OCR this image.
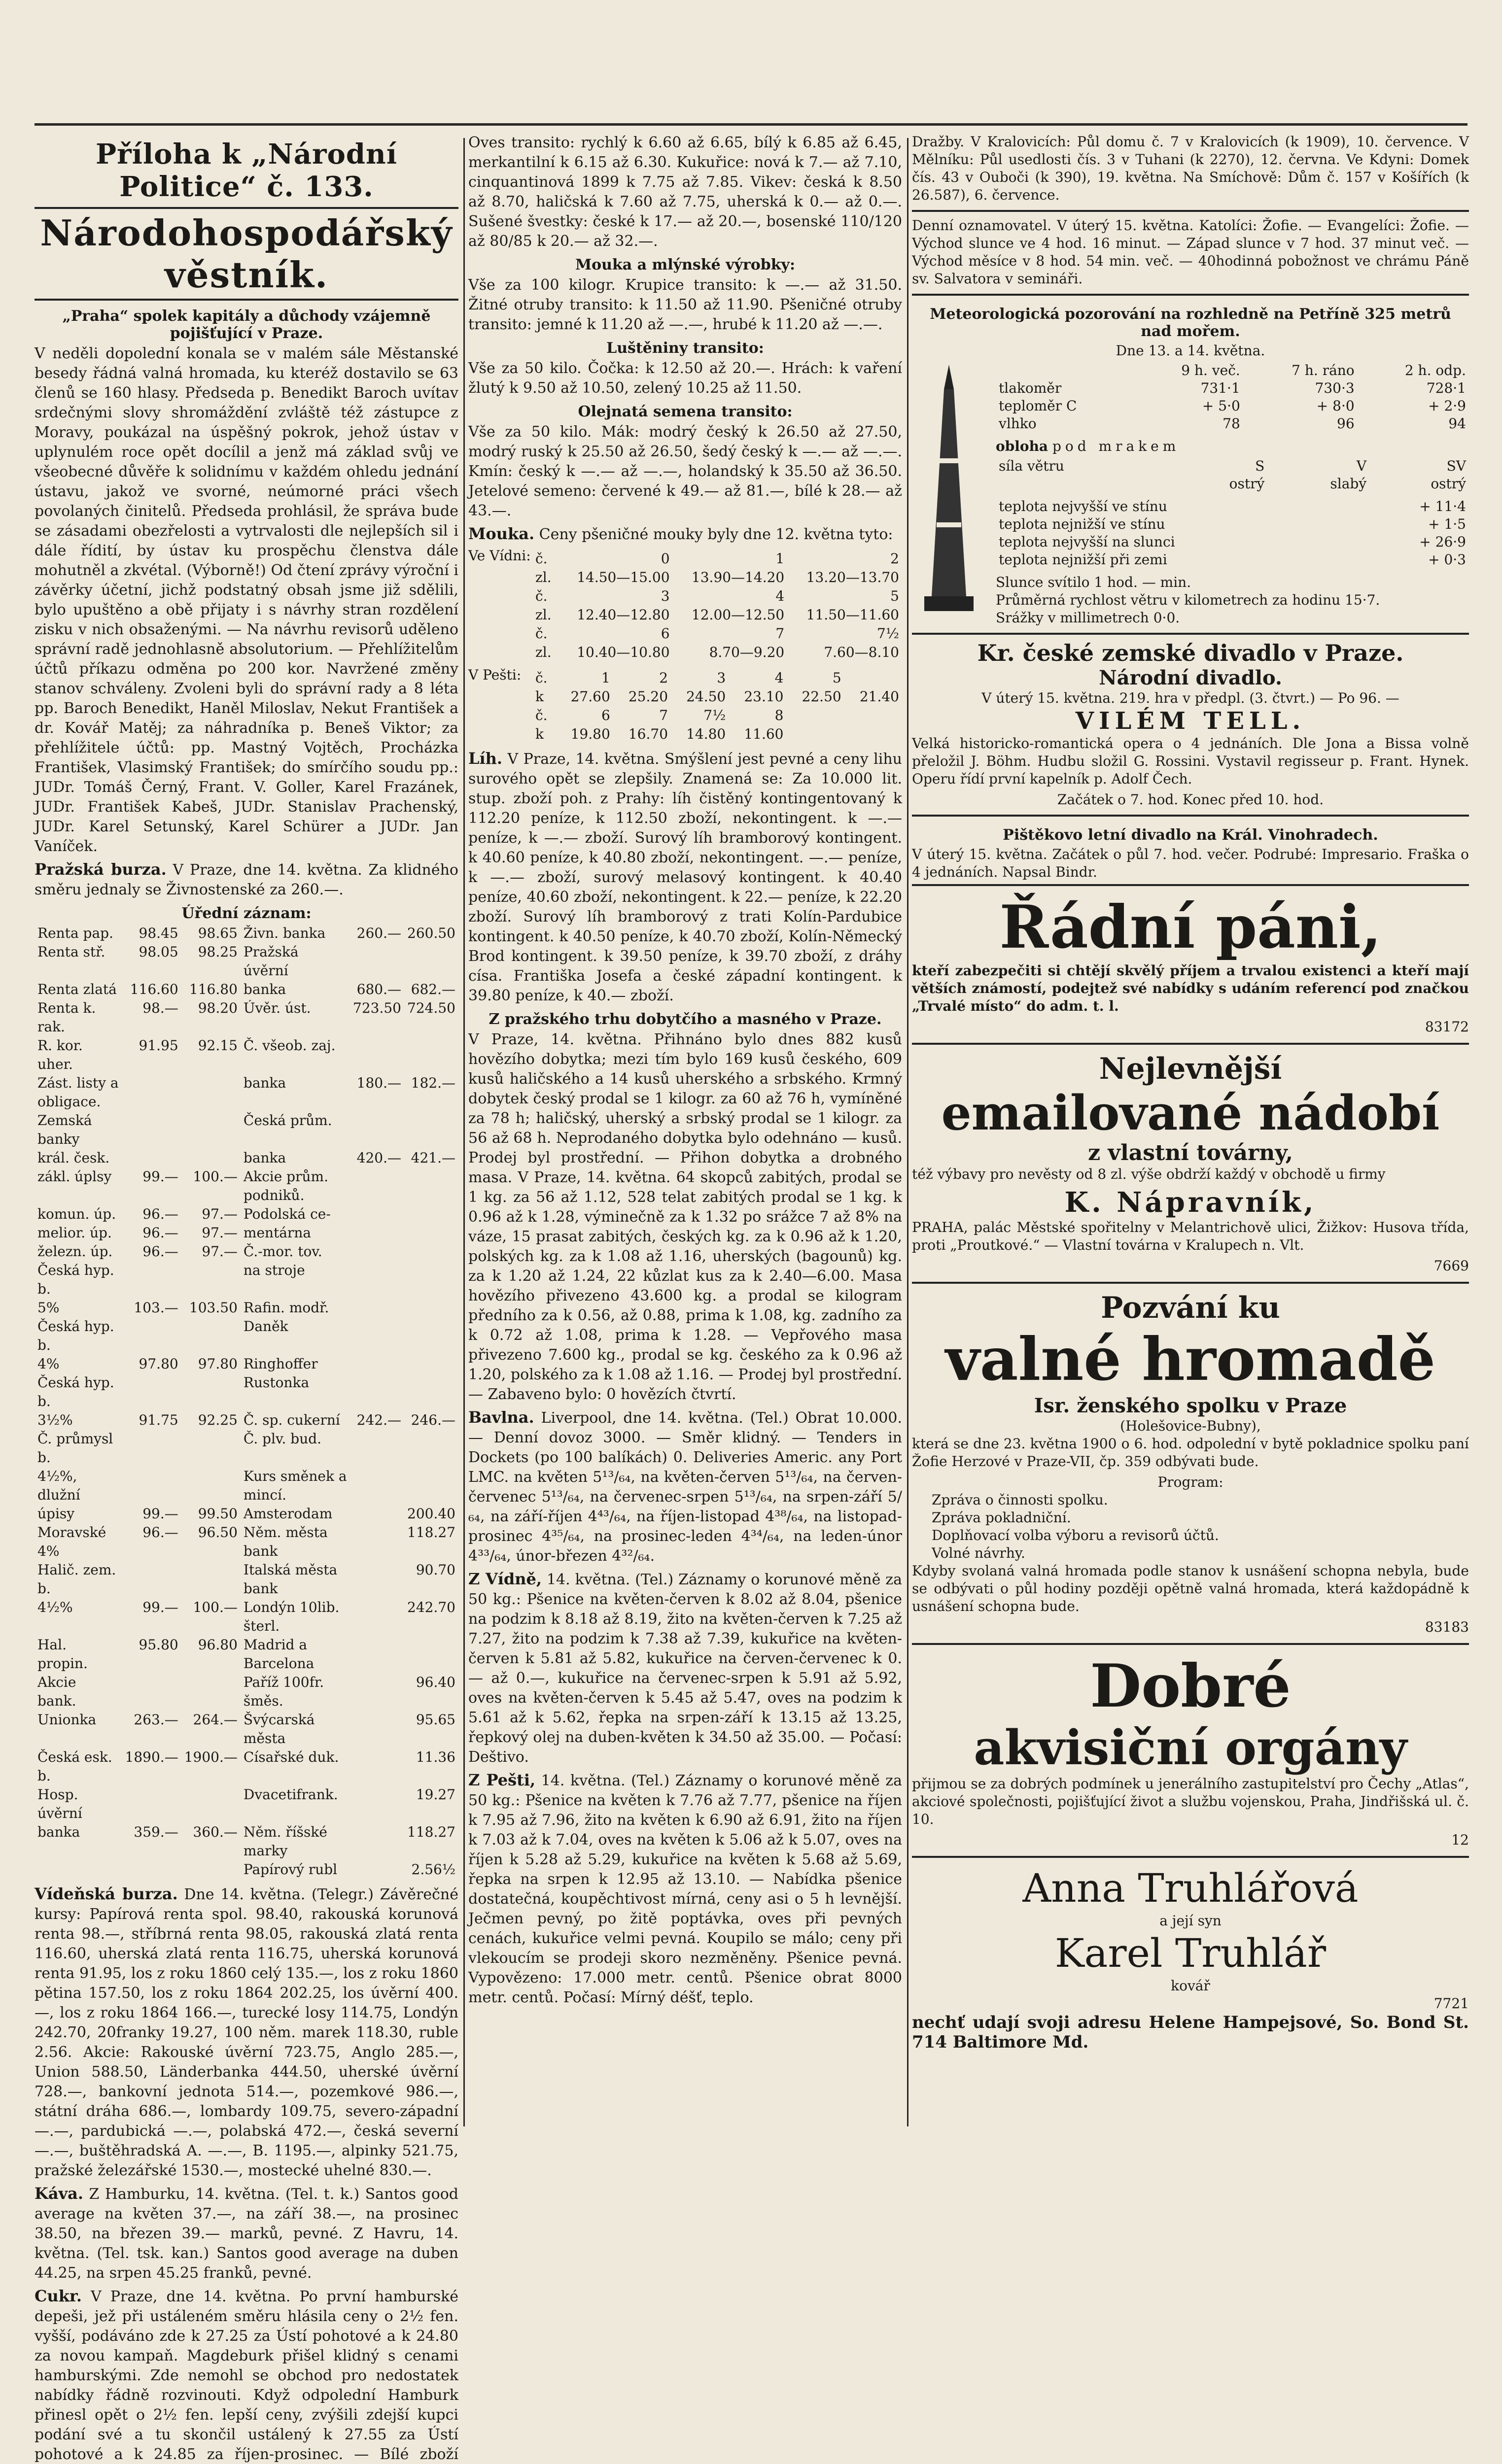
Příloha k „Národní Politice“ č. 133.
Národohospodářský věstník.
„Praha“ spolek kapitály a důchody vzájemně pojišťující v Praze.

V neděli dopolední konala se v malém sále Městanské besedy řádná valná hromada, ku kteréž dostavilo se 63 členů se 160 hlasy. Předseda p. Benedikt Baroch uvítav srdečnými slovy shromáždění zvláště též zástupce z Moravy, poukázal na úspěšný pokrok, jehož ústav v uplynulém roce opět docílil a jenž má základ svůj ve všeobecné důvěře k solidnímu v každém ohledu jednání ústavu, jakož ve svorné, neúmorné práci všech povolaných činitelů. Předseda prohlásil, že správa bude se zásadami obezřelosti a vytrvalosti dle nejlepších sil i dále řídití, by ústav ku prospěchu členstva dále mohutněl a zkvétal. (Výborně!) Od čtení zprávy výroční i závěrky účetní, jichž podstatný obsah jsme již sdělili, bylo upuštěno a obě přijaty i s návrhy stran rozdělení zisku v nich obsaženými. — Na návrhu revisorů uděleno správní radě jednohlasně absolutorium. — Přehlížitelům účtů příkazu odměna po 200 kor. Navržené změny stanov schváleny. Zvoleni byli do správní rady a 8 léta pp. Baroch Benedikt, Haněl Miloslav, Nekut František a dr. Kovář Matěj; za náhradníka p. Beneš Viktor; za přehlížitele účtů: pp. Mastný Vojtěch, Procházka František, Vlasimský František; do smírčího soudu pp.: JUDr. Tomáš Černý, Frant. V. Goller, Karel Frazánek, JUDr. František Kabeš, JUDr. Stanislav Prachenský, JUDr. Karel Setunský, Karel Schürer a JUDr. Jan Vaníček.

Pražská burza. V Praze, dne 14. května. Za klidného směru jednaly se Živnostenské za 260.—.

Úřední záznam:
Renta pap.	98.45	98.65	Živn. banka	260.—	260.50
Renta stř.	98.05	98.25	Pražská úvěrní		
Renta zlatá	116.60	116.80	banka	680.—	682.—
Renta k. rak.	98.—	98.20	Úvěr. úst.	723.50	724.50
R. kor. uher.	91.95	92.15	Č. všeob. zaj.		
Zást. listy a obligace.			banka	180.—	182.—
Zemská banky			Česká prům.		
král. česk.			banka	420.—	421.—
zákl. úplsy	99.—	100.—	Akcie prům. podniků.		
komun. úp.	96.—	97.—	Podolská ce-		
melior. úp.	96.—	97.—	mentárna		
železn. úp.	96.—	97.—	Č.-mor. tov.		
Česká hyp. b.			na stroje		
5%	103.—	103.50	Rafin. modř.		
Česká hyp. b.			Daněk		
4%	97.80	97.80	Ringhoffer		
Česká hyp. b.			Rustonka		
3½%	91.75	92.25	Č. sp. cukerní	242.—	246.—
Č. průmysl b.			Č. plv. bud.		
4½%, dlužní			Kurs směnek a mincí.		
úpisy	99.—	99.50	Amsterodam		200.40
Moravské 4%	96.—	96.50	Něm. města bank		118.27
Halič. zem. b.			Italská města bank		90.70
4½%	99.—	100.—	Londýn 10lib. šterl.		242.70
Hal. propin.	95.80	96.80	Madrid a Barcelona		
Akcie bank.			Paříž 100fr. šměs.		96.40
Unionka	263.—	264.—	Švýcarská města		95.65
Česká esk. b.	1890.—	1900.—	Císařské duk.		11.36
Hosp. úvěrní			Dvacetifrank.		19.27
banka	359.—	360.—	Něm. říšské marky		118.27
			Papírový rubl		2.56½

Vídeňská burza. Dne 14. května. (Telegr.) Závěrečné kursy: Papírová renta spol. 98.40, rakouská korunová renta 98.—, stříbrná renta 98.05, rakouská zlatá renta 116.60, uherská zlatá renta 116.75, uherská korunová renta 91.95, los z roku 1860 celý 135.—, los z roku 1860 pětina 157.50, los z roku 1864 202.25, los úvěrní 400.—, los z roku 1864 166.—, turecké losy 114.75, Londýn 242.70, 20franky 19.27, 100 něm. marek 118.30, ruble 2.56. Akcie: Rakouské úvěrní 723.75, Anglo 285.—, Union 588.50, Länderbanka 444.50, uherské úvěrní 728.—, bankovní jednota 514.—, pozemkové 986.—, státní dráha 686.—, lombardy 109.75, severo-západní —.—, pardubická —.—, polabská 472.—, česká severní —.—, buštěhradská A. —.—, B. 1195.—, alpinky 521.75, pražské železářské 1530.—, mostecké uhelné 830.—.

Káva. Z Hamburku, 14. května. (Tel. t. k.) Santos good average na květen 37.—, na září 38.—, na prosinec 38.50, na březen 39.— marků, pevné. Z Havru, 14. května. (Tel. tsk. kan.) Santos good average na duben 44.25, na srpen 45.25 franků, pevné.

Cukr. V Praze, dne 14. května. Po první hamburské depeši, jež při ustáleném směru hlásila ceny o 2½ fen. vyšší, podáváno zde k 27.25 za Ústí pohotové a k 24.80 za novou kampaň. Magdeburk přišel klidný s cenami hamburskými. Zde nemohl se obchod pro nedostatek nabídky řádně rozvinouti. Když odpolední Hamburk přinesl opět o 2½ fen. lepší ceny, zvýšili zdejší kupci podání své a tu skončil ustálený k 27.55 za Ústí pohotové a k 24.85 za říjen-prosinec. — Bílé zboží

Oves transito: rychlý k 6.60 až 6.65, bílý k 6.85 až 6.45, merkantilní k 6.15 až 6.30. Kukuřice: nová k 7.— až 7.10, cinquantinová 1899 k 7.75 až 7.85. Vikev: česká k 8.50 až 8.70, haličská k 7.60 až 7.75, uherská k 0.— až 0.—. Sušené švestky: české k 17.— až 20.—, bosenské 110/120 až 80/85 k 20.— až 32.—.

Mouka a mlýnské výrobky:

Vše za 100 kilogr. Krupice transito: k —.— až 31.50. Žitné otruby transito: k 11.50 až 11.90. Pšeničné otruby transito: jemné k 11.20 až —.—, hrubé k 11.20 až —.—.

Luštěniny transito:

Vše za 50 kilo. Čočka: k 12.50 až 20.—. Hrách: k vaření žlutý k 9.50 až 10.50, zelený 10.25 až 11.50.

Olejnatá semena transito:

Vše za 50 kilo. Mák: modrý český k 26.50 až 27.50, modrý ruský k 25.50 až 26.50, šedý český k —.— až —.—. Kmín: český k —.— až —.—, holandský k 35.50 až 36.50. Jetelové semeno: červené k 49.— až 81.—, bílé k 28.— až 43.—.

Mouka. Ceny pšeničné mouky byly dne 12. května tyto:

Ve Vídni: č.	0	1	2
zl.	14.50—15.00	13.90—14.20	13.20—13.70
č.	3	4	5
zl.	12.40—12.80	12.00—12.50	11.50—11.60
č.	6	7	7½
zl.	10.40—10.80	8.70—9.20	7.60—8.10
V Pešti:	č.	1	2	3	4	5	
k	27.60	25.20	24.50	23.10	22.50	21.40
č.	6	7	7½	8		
k	19.80	16.70	14.80	11.60		

Líh. V Praze, 14. května. Smýšlení jest pevné a ceny lihu surového opět se zlepšily. Znamená se: Za 10.000 lit. stup. zboží poh. z Prahy: líh čistěný kontingentovaný k 112.20 peníze, k 112.50 zboží, nekontingent. k —.— peníze, k —.— zboží. Surový líh bramborový kontingent. k 40.60 peníze, k 40.80 zboží, nekontingent. —.— peníze, k —.— zboží, surový melasový kontingent. k 40.40 peníze, 40.60 zboží, nekontingent. k 22.— peníze, k 22.20 zboží. Surový líh bramborový z trati Kolín-Pardubice kontingent. k 40.50 peníze, k 40.70 zboží, Kolín-Německý Brod kontingent. k 39.50 peníze, k 39.70 zboží, z dráhy císa. Františka Josefa a české západní kontingent. k 39.80 peníze, k 40.— zboží.

Z pražského trhu dobytčího a masného v Praze.

V Praze, 14. května. Přihnáno bylo dnes 882 kusů hovězího dobytka; mezi tím bylo 169 kusů českého, 609 kusů haličského a 14 kusů uherského a srbského. Krmný dobytek český prodal se 1 kilogr. za 60 až 76 h, vymíněné za 78 h; haličský, uherský a srbský prodal se 1 kilogr. za 56 až 68 h. Neprodaného dobytka bylo odehnáno — kusů. Prodej byl prostřední. — Přihon dobytka a drobného masa. V Praze, 14. května. 64 skopců zabitých, prodal se 1 kg. za 56 až 1.12, 528 telat zabitých prodal se 1 kg. k 0.96 až k 1.28, výminečně za k 1.32 po srážce 7 až 8% na váze, 15 prasat zabitých, českých kg. za k 0.96 až k 1.20, polských kg. za k 1.08 až 1.16, uherských (bagounů) kg. za k 1.20 až 1.24, 22 kůzlat kus za k 2.40—6.00. Masa hovězího přivezeno 43.600 kg. a prodal se kilogram předního za k 0.56, až 0.88, prima k 1.08, kg. zadního za k 0.72 až 1.08, prima k 1.28. — Vepřového masa přivezeno 7.600 kg., prodal se kg. českého za k 0.96 až 1.20, polského za k 1.08 až 1.16. — Prodej byl prostřední. — Zabaveno bylo: 0 hovězích čtvrtí.

Bavlna. Liverpool, dne 14. května. (Tel.) Obrat 10.000. — Denní dovoz 3000. — Směr klidný. — Tenders in Dockets (po 100 balíkách) 0. Deliveries Americ. any Port LMC. na květen 5¹³/₆₄, na květen-červen 5¹³/₆₄, na červen-červenec 5¹³/₆₄, na červenec-srpen 5¹³/₆₄, na srpen-září 5/₆₄, na září-říjen 4⁴³/₆₄, na říjen-listopad 4³⁸/₆₄, na listopad-prosinec 4³⁵/₆₄, na prosinec-leden 4³⁴/₆₄, na leden-únor 4³³/₆₄, únor-březen 4³²/₆₄.

Z Vídně, 14. května. (Tel.) Záznamy o korunové měně za 50 kg.: Pšenice na květen-červen k 8.02 až 8.04, pšenice na podzim k 8.18 až 8.19, žito na květen-červen k 7.25 až 7.27, žito na podzim k 7.38 až 7.39, kukuřice na květen-červen k 5.81 až 5.82, kukuřice na červen-červenec k 0.— až 0.—, kukuřice na červenec-srpen k 5.91 až 5.92, oves na květen-červen k 5.45 až 5.47, oves na podzim k 5.61 až k 5.62, řepka na srpen-září k 13.15 až 13.25, řepkový olej na duben-květen k 34.50 až 35.00. — Počasí: Deštivo.

Z Pešti, 14. května. (Tel.) Záznamy o korunové měně za 50 kg.: Pšenice na květen k 7.76 až 7.77, pšenice na říjen k 7.95 až 7.96, žito na květen k 6.90 až 6.91, žito na říjen k 7.03 až k 7.04, oves na květen k 5.06 až k 5.07, oves na říjen k 5.28 až 5.29, kukuřice na květen k 5.68 až 5.69, řepka na srpen k 12.95 až 13.10. — Nabídka pšenice dostatečná, koupěchtivost mírná, ceny asi o 5 h levnější. Ječmen pevný, po žitě poptávka, oves při pevných cenách, kukuřice velmi pevná. Koupilo se málo; ceny při vlekoucím se prodeji skoro nezměněny. Pšenice pevná. Vypovězeno: 17.000 metr. centů. Pšenice obrat 8000 metr. centů. Počasí: Mírný déšť, teplo.

Dražby. V Kralovicích: Půl domu č. 7 v Kralovicích (k 1909), 10. července. V Mělníku: Půl usedlosti čís. 3 v Tuhani (k 2270), 12. června. Ve Kdyni: Domek čís. 43 v Ouboči (k 390), 19. května. Na Smíchově: Dům č. 157 v Košířích (k 26.587), 6. července.

Denní oznamovatel. V úterý 15. května. Katolíci: Žofie. — Evangelíci: Žofie. — Východ slunce ve 4 hod. 16 minut. — Západ slunce v 7 hod. 37 minut več. — Východ měsíce v 8 hod. 54 min. več. — 40hodinná pobožnost ve chrámu Páně sv. Salvatora v semináři.

Meteorologická pozorování na rozhledně na Petříně 325 metrů nad mořem.
Dne 13. a 14. května.
	9 h. več.	7 h. ráno	2 h. odp.
tlakoměr	731·1	730·3	728·1
teploměr C	+ 5·0	+ 8·0	+ 2·9
vlhko	78	96	94
obloha pod mrakem
síla větru	S	V	SV
	ostrý	slabý	ostrý
teplota nejvyšší ve stínu	+ 11·4
teplota nejnižší ve stínu	+ 1·5
teplota nejvyšší na slunci	+ 26·9
teplota nejnižší při zemi	+ 0·3
Slunce svítilo 1 hod. — min.
Průměrná rychlost větru v kilometrech za hodinu 15·7.
Srážky v millimetrech 0·0.
Kr. české zemské divadlo v Praze.
Národní divadlo.
V úterý 15. května. 219. hra v předpl. (3. čtvrt.) — Po 96. —
VILÉM TELL.

Velká historicko-romantická opera o 4 jednáních. Dle Jona a Bissa volně přeložil J. Böhm. Hudbu složil G. Rossini. Vystavil regisseur p. Frant. Hynek. Operu řídí první kapelník p. Adolf Čech.

Začátek o 7. hod. Konec před 10. hod.
Pištěkovo letní divadlo na Král. Vinohradech.

V úterý 15. května. Začátek o půl 7. hod. večer. Podrubé: Impresario. Fraška o 4 jednáních. Napsal Bindr.

Řádní páni,

kteří zabezpečiti si chtějí skvělý příjem a trvalou existenci a kteří mají větších známostí, podejtež své nabídky s udáním referencí pod značkou „Trvalé místo“ do adm. t. l.

83172
Nejlevnější
emailované nádobí
z vlastní továrny,

též výbavy pro nevěsty od 8 zl. výše obdrží každý v obchodě u firmy

K. Nápravník,

PRAHA, palác Městské spořitelny v Melantrichově ulici, Žižkov: Husova třída, proti „Proutkové.“ — Vlastní továrna v Kralupech n. Vlt.

7669
Pozvání ku
valné hromadě
Isr. ženského spolku v Praze
(Holešovice-Bubny),

která se dne 23. května 1900 o 6. hod. odpolední v bytě pokladnice spolku paní Žofie Herzové v Praze-VII, čp. 359 odbývati bude.

Program:
Zpráva o činnosti spolku.
Zpráva pokladniční.
Doplňovací volba výboru a revisorů účtů.
Volné návrhy.

Kdyby svolaná valná hromada podle stanov k usnášení schopna nebyla, bude se odbývati o půl hodiny později opětně valná hromada, která každopádně k usnášení schopna bude.

83183
Dobré
akvisiční orgány

přijmou se za dobrých podmínek u jenerálního zastupitelství pro Čechy „Atlas“, akciové společnosti, pojišťující život a službu vojenskou, Praha, Jindřišská ul. č. 10.

12
Anna Truhlářová
a její syn
Karel Truhlář
kovář
7721

nechť udají svoji adresu Helene Hampejsové, So. Bond St. 714 Baltimore Md.
